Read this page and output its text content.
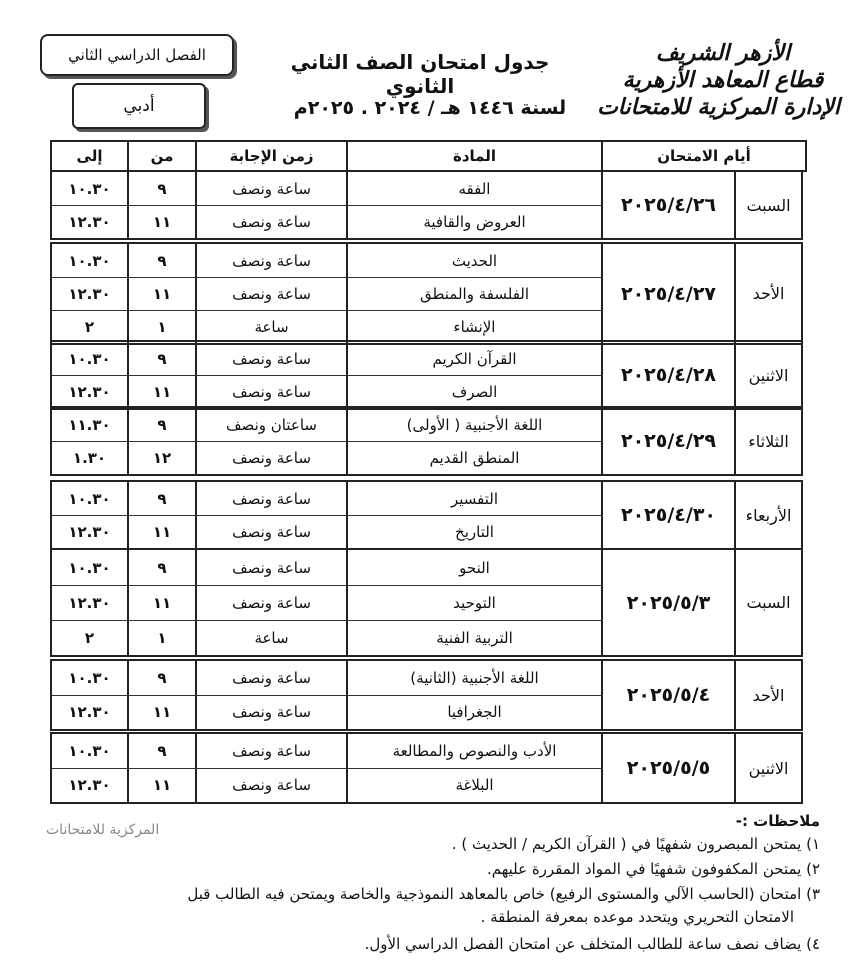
الأزهر الشريف
قطاع المعاهد الأزهرية
الإدارة المركزية للامتحانات
جدول امتحان الصف الثاني الثانوي
لسنة ١٤٤٦ هـ / ٢٠٢٤ . ٢٠٢٥م
الفصل الدراسي الثاني
أدبي
أيام الامتحان
المادة
زمن الإجابة
من
إلى
السبت
٢٠٢٥/٤/٢٦
الفقه
ساعة ونصف
٩
١٠.٣٠
العروض والقافية
ساعة ونصف
١١
١٢.٣٠
الأحد
٢٠٢٥/٤/٢٧
الحديث
ساعة ونصف
٩
١٠.٣٠
الفلسفة والمنطق
ساعة ونصف
١١
١٢.٣٠
الإنشاء
ساعة
١
٢
الاثنين
٢٠٢٥/٤/٢٨
القرآن الكريم
ساعة ونصف
٩
١٠.٣٠
الصرف
ساعة ونصف
١١
١٢.٣٠
الثلاثاء
٢٠٢٥/٤/٢٩
اللغة الأجنبية ( الأولى)
ساعتان ونصف
٩
١١.٣٠
المنطق القديم
ساعة ونصف
١٢
١.٣٠
الأربعاء
٢٠٢٥/٤/٣٠
التفسير
ساعة ونصف
٩
١٠.٣٠
التاريخ
ساعة ونصف
١١
١٢.٣٠
السبت
٢٠٢٥/٥/٣
النحو
ساعة ونصف
٩
١٠.٣٠
التوحيد
ساعة ونصف
١١
١٢.٣٠
التربية الفنية
ساعة
١
٢
الأحد
٢٠٢٥/٥/٤
اللغة الأجنبية (الثانية)
ساعة ونصف
٩
١٠.٣٠
الجغرافيا
ساعة ونصف
١١
١٢.٣٠
الاثنين
٢٠٢٥/٥/٥
الأدب والنصوص والمطالعة
ساعة ونصف
٩
١٠.٣٠
البلاغة
ساعة ونصف
١١
١٢.٣٠
المركزية للامتحانات	ملاحظات :-
١) يمتحن المبصرون شفهيًا في ( القرآن الكريم / الحديث ) .
٢) يمتحن المكفوفون شفهيًا في المواد المقررة عليهم.
٣) امتحان (الحاسب الآلي والمستوى الرفيع) خاص بالمعاهد النموذجية والخاصة ويمتحن فيه الطالب قبل
الامتحان التحريري ويتحدد موعده بمعرفة المنطقة .
٤) يضاف نصف ساعة للطالب المتخلف عن امتحان الفصل الدراسي الأول.
